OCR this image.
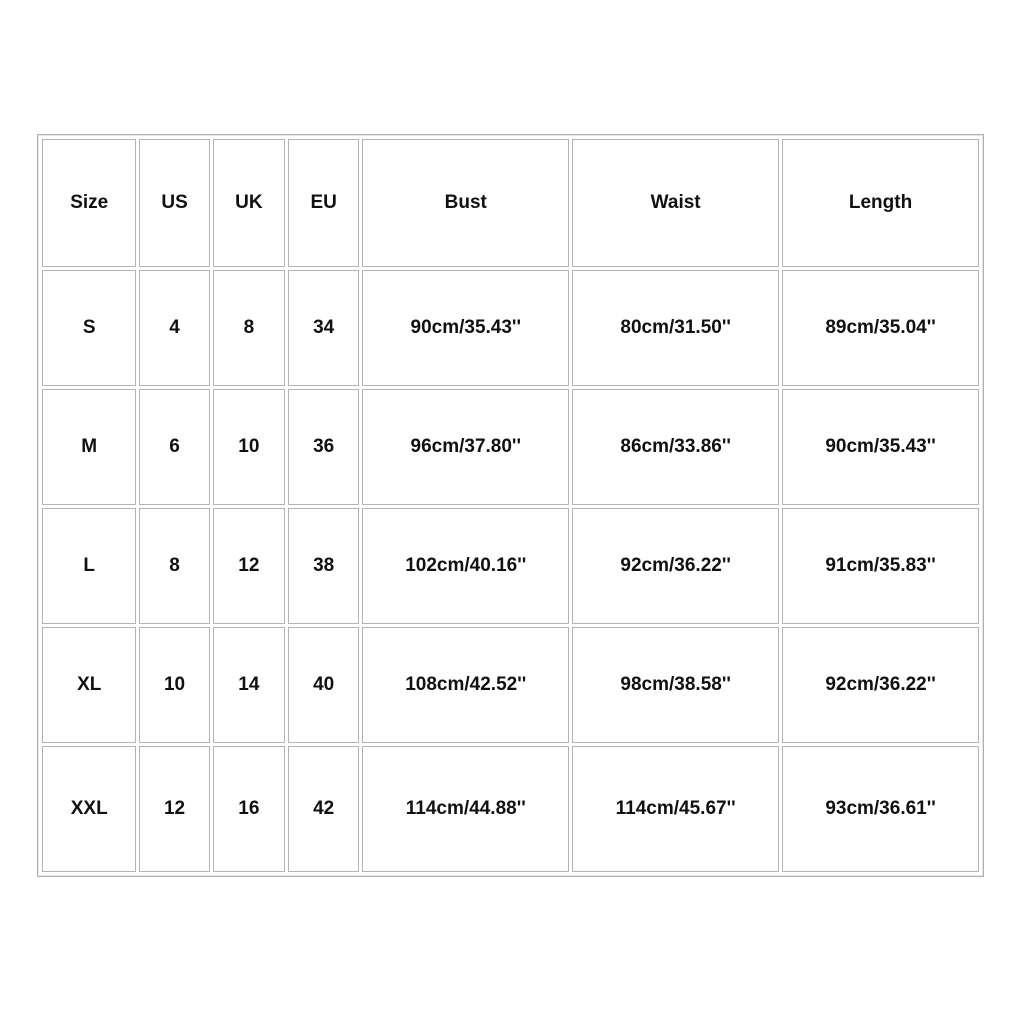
Size	US	UK	EU	Bust	Waist	Length
S	4	8	34	90cm/35.43''	80cm/31.50''	89cm/35.04''
M	6	10	36	96cm/37.80''	86cm/33.86''	90cm/35.43''
L	8	12	38	102cm/40.16''	92cm/36.22''	91cm/35.83''
XL	10	14	40	108cm/42.52''	98cm/38.58''	92cm/36.22''
XXL	12	16	42	114cm/44.88''	114cm/45.67''	93cm/36.61''
